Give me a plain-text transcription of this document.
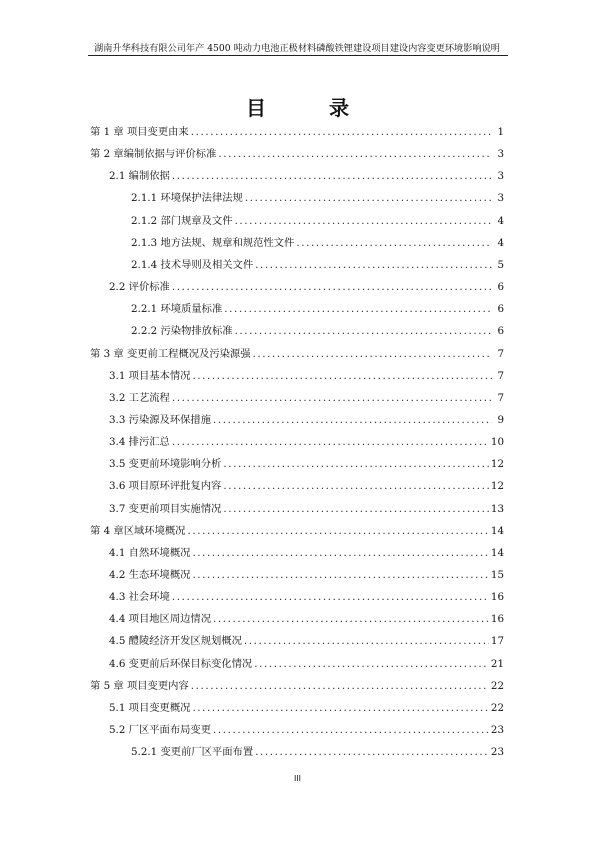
湖南升华科技有限公司年产 4500 吨动力电池正极材料磷酸铁锂建设项目建设内容变更环境影响说明
目 录
第 1 章 项目变更由来 .....	1
第 2 章编制依据与评价标准 .....	3
2.1 编制依据 .....	3
2.1.1 环境保护法律法规 .....	3
2.1.2 部门规章及文件 .....	4
2.1.3 地方法规、规章和规范性文件 .....	4
2.1.4 技术导则及相关文件 .....	5
2.2 评价标准 .....	6
2.2.1 环境质量标准 .....	6
2.2.2 污染物排放标准 .....	6
第 3 章 变更前工程概况及污染源强 .....	7
3.1 项目基本情况 .....	7
3.2 工艺流程 .....	7
3.3 污染源及环保措施 .....	9
3.4 排污汇总 .....	10
3.5 变更前环境影响分析 .....	12
3.6 项目原环评批复内容 .....	12
3.7 变更前项目实施情况 .....	13
第 4 章区域环境概况 .....	14
4.1 自然环境概况 .....	14
4.2 生态环境概况 .....	15
4.3 社会环境 .....	16
4.4 项目地区周边情况 .....	16
4.5 醴陵经济开发区规划概况 .....	17
4.6 变更前后环保目标变化情况 .....	21
第 5 章 项目变更内容 .....	22
5.1 项目变更概况 .....	22
5.2 厂区平面布局变更 .....	23
5.2.1 变更前厂区平面布置 .....	23
III
